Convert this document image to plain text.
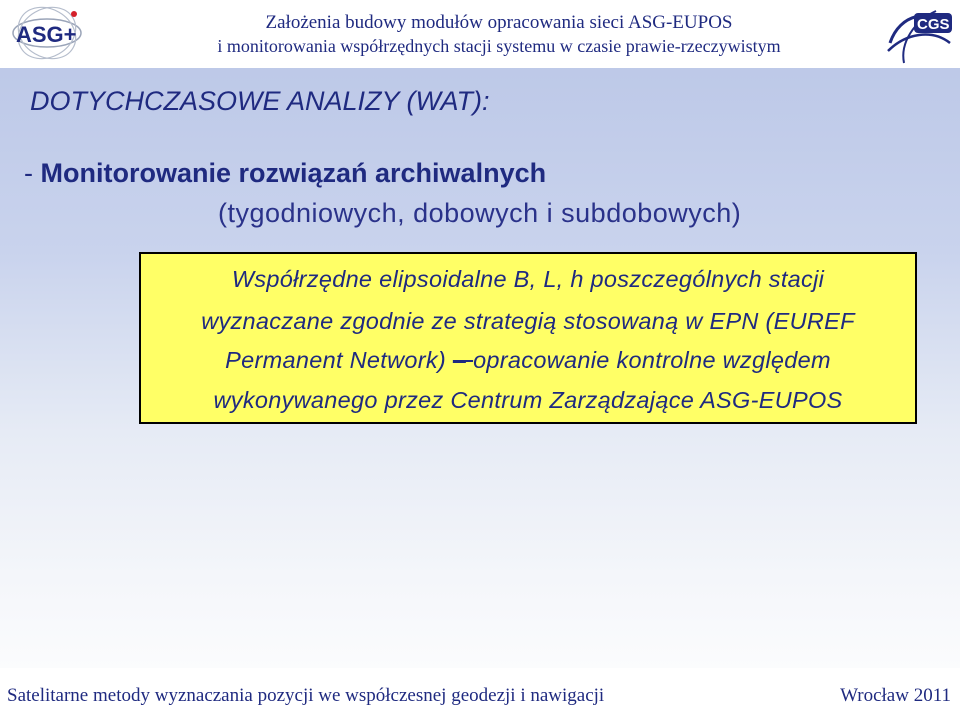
ASG+	Założenia budowy modułów opracowania sieci ASG-EUPOS
i monitorowania współrzędnych stacji systemu w czasie prawie-rzeczywistym
CGS
DOTYCHCZASOWE ANALIZY (WAT):
- Monitorowanie rozwiązań archiwalnych
(tygodniowych, dobowych i subdobowych)
Współrzędne elipsoidalne B, L, h poszczególnych stacji
wyznaczane zgodnie ze strategią stosowaną w EPN (EUREF
Permanent Network) – opracowanie kontrolne względem
wykonywanego przez Centrum Zarządzające ASG-EUPOS
Satelitarne metody wyznaczania pozycji we współczesnej geodezji i nawigacji	Wrocław 2011
